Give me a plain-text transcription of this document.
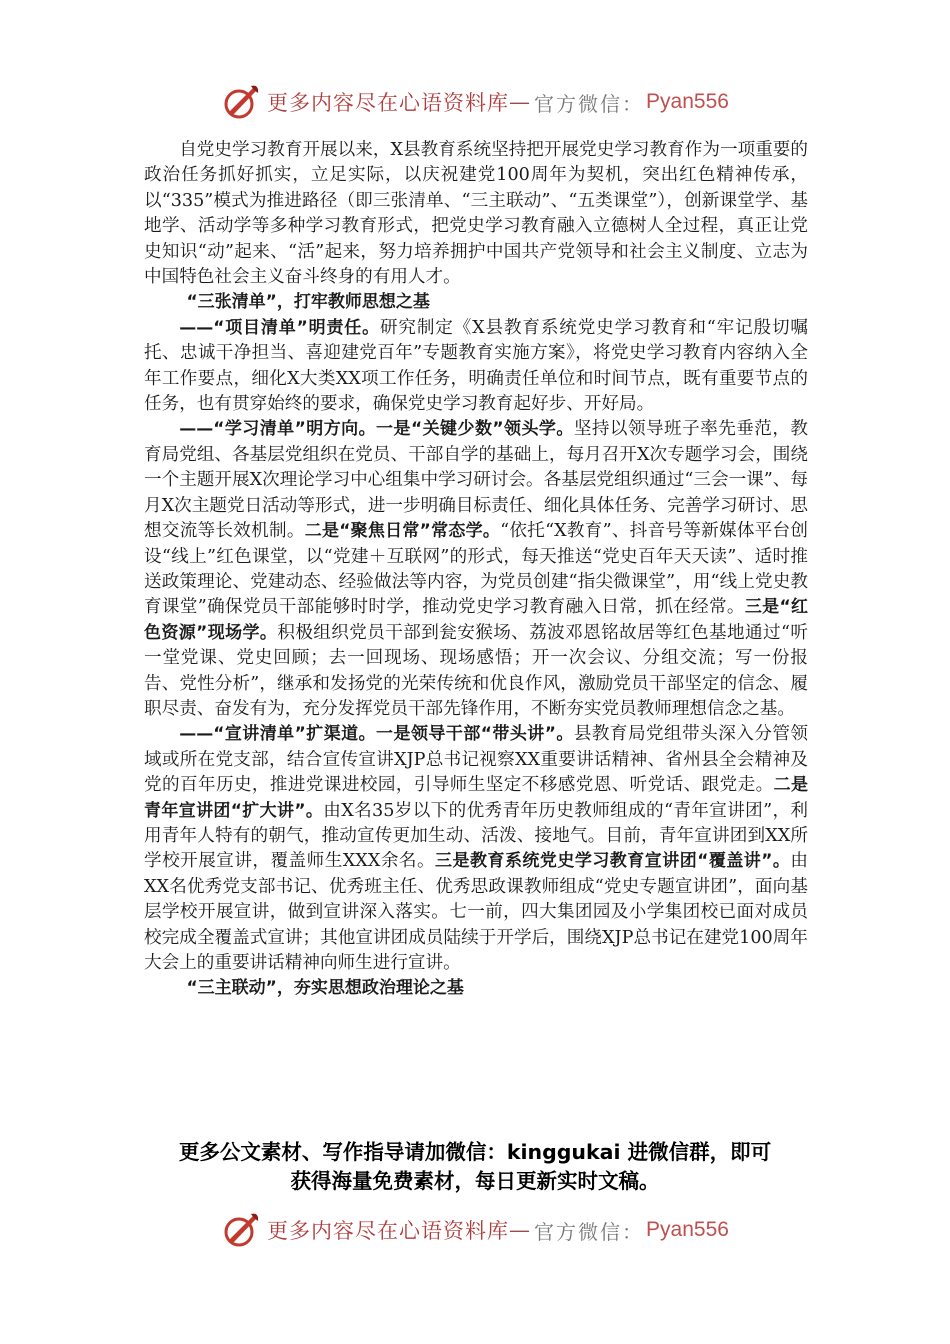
更多内容尽在心语资料库 — 官方微信： Pyan556

自党史学习教育开展以来，X县教育系统坚持把开展党史学习教育作为一项重要的政治任务抓好抓实，立足实际，以庆祝建党100周年为契机，突出红色精神传承，以“335”模式为推进路径（即三张清单、“三主联动”、“五类课堂”），创新课堂学、基地学、活动学等多种学习教育形式，把党史学习教育融入立德树人全过程，真正让党史知识“动”起来、“活”起来，努力培养拥护中国共产党领导和社会主义制度、立志为中国特色社会主义奋斗终身的有用人才。

“三张清单”，打牢教师思想之基

——“项目清单”明责任。研究制定《X县教育系统党史学习教育和“牢记殷切嘱托、忠诚干净担当、喜迎建党百年”专题教育实施方案》，将党史学习教育内容纳入全年工作要点，细化X大类XX项工作任务，明确责任单位和时间节点，既有重要节点的任务，也有贯穿始终的要求，确保党史学习教育起好步、开好局。

——“学习清单”明方向。一是“关键少数”领头学。坚持以领导班子率先垂范，教育局党组、各基层党组织在党员、干部自学的基础上，每月召开X次专题学习会，围绕一个主题开展X次理论学习中心组集中学习研讨会。各基层党组织通过“三会一课”、每月X次主题党日活动等形式，进一步明确目标责任、细化具体任务、完善学习研讨、思想交流等长效机制。二是“聚焦日常”常态学。“依托“X教育”、抖音号等新媒体平台创设“线上”红色课堂，以“党建＋互联网”的形式，每天推送“党史百年天天读”、适时推送政策理论、党建动态、经验做法等内容，为党员创建“指尖微课堂”，用“线上党史教育课堂”确保党员干部能够时时学，推动党史学习教育融入日常，抓在经常。三是“红色资源”现场学。积极组织党员干部到瓮安猴场、荔波邓恩铭故居等红色基地通过“听一堂党课、党史回顾；去一回现场、现场感悟；开一次会议、分组交流；写一份报告、党性分析”，继承和发扬党的光荣传统和优良作风，激励党员干部坚定的信念、履职尽责、奋发有为，充分发挥党员干部先锋作用，不断夯实党员教师理想信念之基。

——“宣讲清单”扩渠道。一是领导干部“带头讲”。县教育局党组带头深入分管领域或所在党支部，结合宣传宣讲XJP总书记视察XX重要讲话精神、省州县全会精神及党的百年历史，推进党课进校园，引导师生坚定不移感党恩、听党话、跟党走。二是青年宣讲团“扩大讲”。由X名35岁以下的优秀青年历史教师组成的“青年宣讲团”，利用青年人特有的朝气，推动宣传更加生动、活泼、接地气。目前，青年宣讲团到XX所学校开展宣讲，覆盖师生XXX余名。三是教育系统党史学习教育宣讲团“覆盖讲”。由XX名优秀党支部书记、优秀班主任、优秀思政课教师组成“党史专题宣讲团”，面向基层学校开展宣讲，做到宣讲深入落实。七一前，四大集团园及小学集团校已面对成员校完成全覆盖式宣讲；其他宣讲团成员陆续于开学后，围绕XJP总书记在建党100周年大会上的重要讲话精神向师生进行宣讲。

“三主联动”，夯实思想政治理论之基

更多公文素材、写作指导请加微信：kinggukai 进微信群，即可
获得海量免费素材，每日更新实时文稿。
更多内容尽在心语资料库 — 官方微信： Pyan556
